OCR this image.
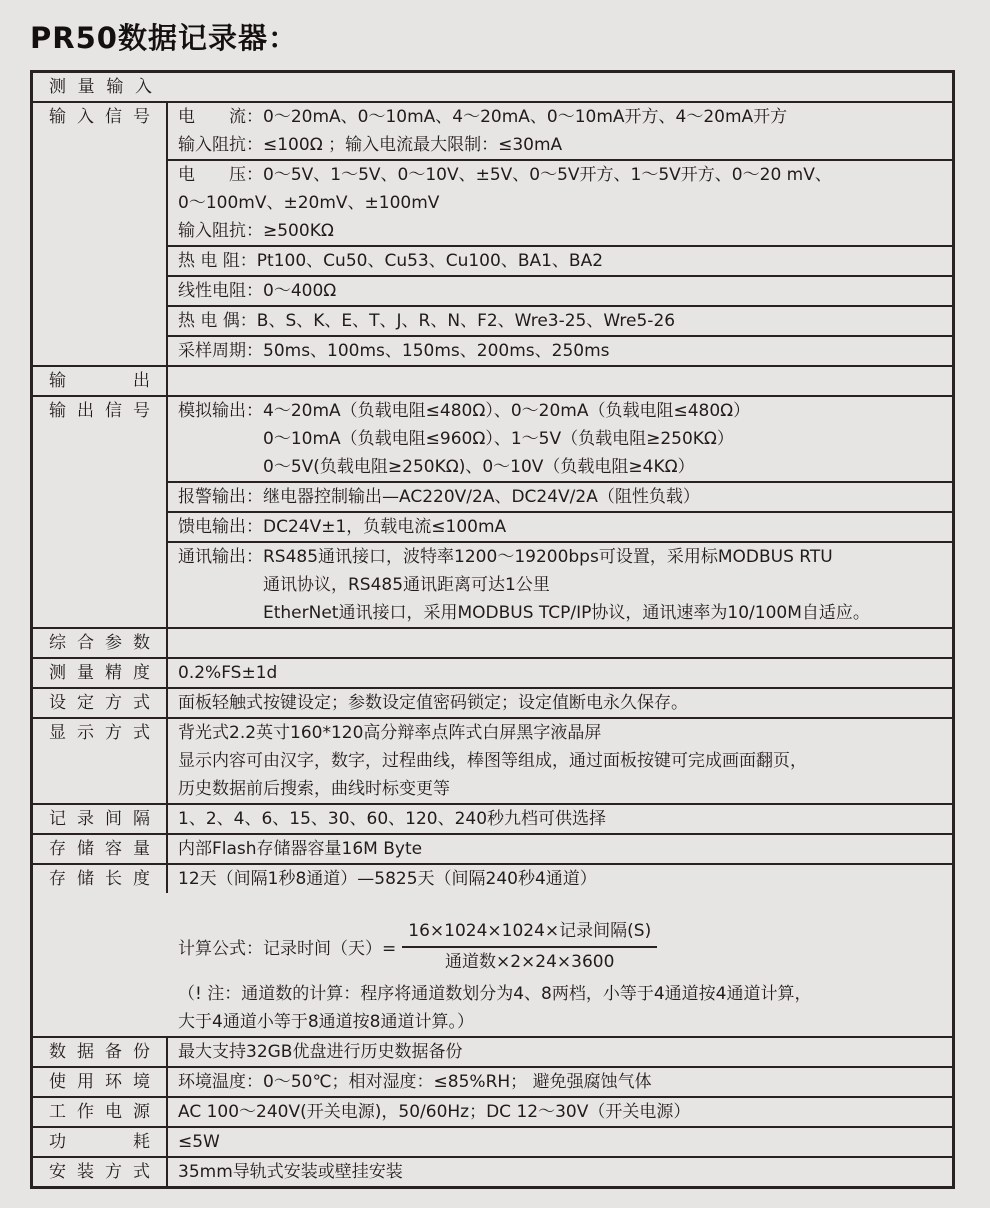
PR50数据记录器：
测量输入
输入信号	电　　流：0～20mA、0～10mA、4～20mA、0～10mA开方、4～20mA开方
输入阻抗：≤100Ω ；输入电流最大限制：≤30mA
电　　压：0～5V、1～5V、0～10V、±5V、0～5V开方、1～5V开方、0～20 mV、
0～100mV、±20mV、±100mV
输入阻抗：≥500KΩ
热 电 阻：Pt100、Cu50、Cu53、Cu100、BA1、BA2
线性电阻：0～400Ω
热 电 偶：B、S、K、E、T、J、R、N、F2、Wre3-25、Wre5-26
采样周期：50ms、100ms、150ms、200ms、250ms
输出
输出信号	模拟输出：4～20mA（负载电阻≤480Ω）、0～20mA（负载电阻≤480Ω）
0～10mA（负载电阻≤960Ω）、1～5V（负载电阻≥250KΩ）
0～5V(负载电阻≥250KΩ)、0～10V（负载电阻≥4KΩ）
报警输出：继电器控制输出—AC220V/2A、DC24V/2A（阻性负载）
馈电输出：DC24V±1，负载电流≤100mA
通讯输出：RS485通讯接口，波特率1200～19200bps可设置，采用标MODBUS RTU
通讯协议，RS485通讯距离可达1公里
EtherNet通讯接口，采用MODBUS TCP/IP协议，通讯速率为10/100M自适应。
综合参数
测量精度	0.2%FS±1d
设定方式	面板轻触式按键设定；参数设定值密码锁定；设定值断电永久保存。
显示方式	背光式2.2英寸160*120高分辩率点阵式白屏黑字液晶屏
显示内容可由汉字，数字，过程曲线，棒图等组成，通过面板按键可完成画面翻页，
历史数据前后搜索，曲线时标变更等
记录间隔	1、2、4、6、15、30、60、120、240秒九档可供选择
存储容量	内部Flash存储器容量16M Byte
存储长度	12天（间隔1秒8通道）—5825天（间隔240秒4通道）
计算公式：记录时间（天）= $\frac{\text{16×1024×1024×记录间隔(S)}}{\text{通道数×2×24×3600}}$
（! 注：通道数的计算：程序将通道数划分为4、8两档，小等于4通道按4通道计算，
大于4通道小等于8通道按8通道计算。）
数据备份	最大支持32GB优盘进行历史数据备份
使用环境	环境温度：0～50℃；相对湿度：≤85%RH； 避免强腐蚀气体
工作电源	AC 100～240V(开关电源)，50/60Hz；DC 12～30V（开关电源）
功耗	≤5W
安装方式	35mm导轨式安装或壁挂安装
